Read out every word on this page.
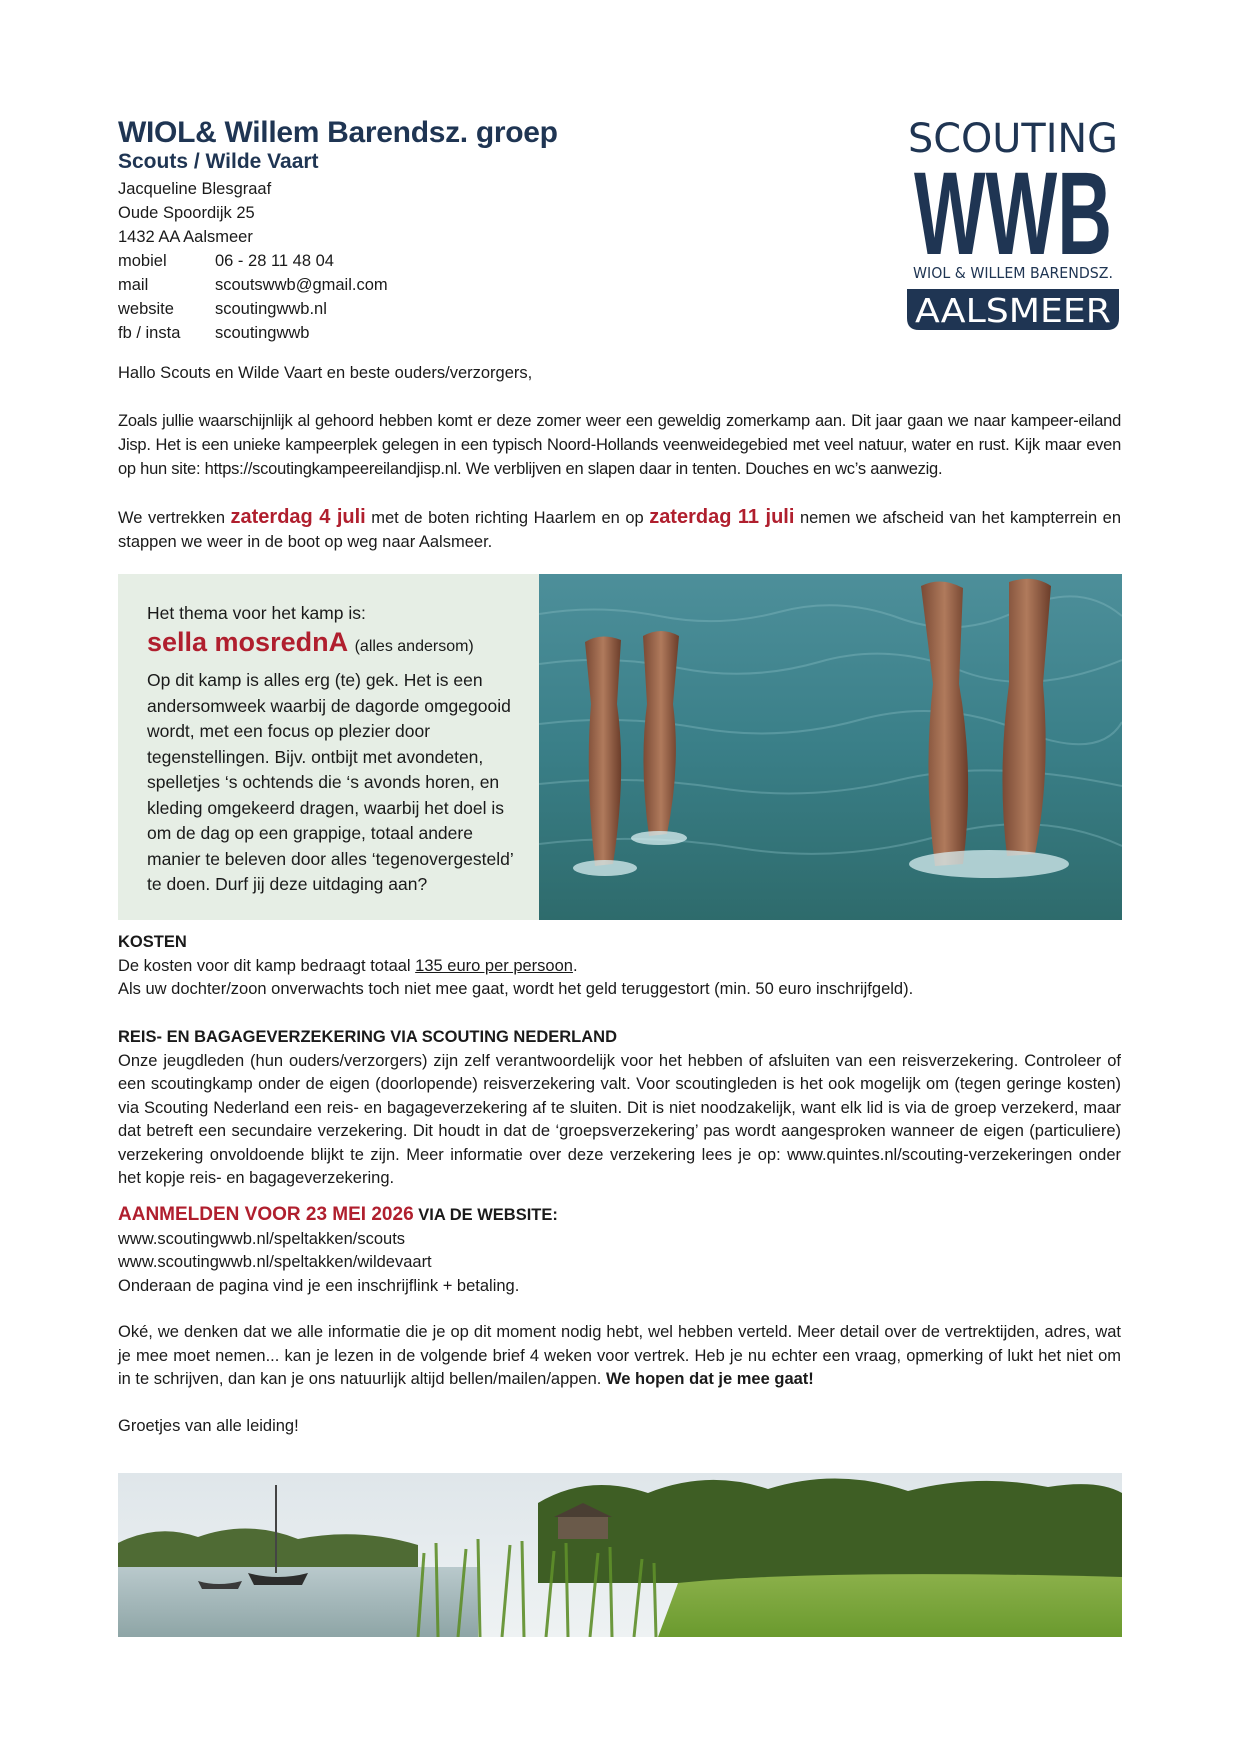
WIOL& Willem Barendsz. groep
Scouts / Wilde Vaart
Jacqueline Blesgraaf
Oude Spoordijk 25
1432 AA Aalsmeer
mobiel	06 - 28 11 48 04
mail	scoutswwb@gmail.com
website	scoutingwwb.nl
fb / insta	scoutingwwb
SCOUTING
WWB
WIOL & WILLEM BARENDSZ.
AALSMEER
Hallo Scouts en Wilde Vaart en beste ouders/verzorgers,
Zoals jullie waarschijnlijk al gehoord hebben komt er deze zomer weer een geweldig zomerkamp aan. Dit jaar gaan we naar kampeer-eiland Jisp. Het is een unieke kampeerplek gelegen in een typisch Noord-Hollands veenweidegebied met veel natuur, water en rust. Kijk maar even op hun site: https://scoutingkampeereilandjisp.nl. We verblijven en slapen daar in tenten. Douches en wc’s aanwezig.
We vertrekken zaterdag 4 juli met de boten richting Haarlem en op zaterdag 11 juli nemen we afscheid van het kampterrein en stappen we weer in de boot op weg naar Aalsmeer.
Het thema voor het kamp is:
sella mosrednA (alles andersom)
Op dit kamp is alles erg (te) gek. Het is een andersomweek waarbij de dagorde omgegooid wordt, met een focus op plezier door tegenstellingen. Bijv. ontbijt met avondeten, spelletjes ‘s ochtends die ‘s avonds horen, en kleding omgekeerd dragen, waarbij het doel is om de dag op een grappige, totaal andere manier te beleven door alles ‘tegenovergesteld’ te doen. Durf jij deze uitdaging aan?
KOSTEN
De kosten voor dit kamp bedraagt totaal 135 euro per persoon.
Als uw dochter/zoon onverwachts toch niet mee gaat, wordt het geld teruggestort (min. 50 euro inschrijfgeld).
REIS- EN BAGAGEVERZEKERING VIA SCOUTING NEDERLAND
Onze jeugdleden (hun ouders/verzorgers) zijn zelf verantwoordelijk voor het hebben of afsluiten van een reisverzekering. Controleer of een scoutingkamp onder de eigen (doorlopende) reisverzekering valt. Voor scoutingleden is het ook mogelijk om (tegen geringe kosten) via Scouting Nederland een reis- en bagageverzekering af te sluiten. Dit is niet noodzakelijk, want elk lid is via de groep verzekerd, maar dat betreft een secundaire verzekering. Dit houdt in dat de ‘groepsverzekering’ pas wordt aangesproken wanneer de eigen (particuliere) verzekering onvoldoende blijkt te zijn. Meer informatie over deze verzekering lees je op: www.quintes.nl/scouting-verzekeringen onder het kopje reis- en bagageverzekering.
AANMELDEN VOOR 23 MEI 2026 VIA DE WEBSITE:
www.scoutingwwb.nl/speltakken/scouts
www.scoutingwwb.nl/speltakken/wildevaart
Onderaan de pagina vind je een inschrijflink + betaling.
Oké, we denken dat we alle informatie die je op dit moment nodig hebt, wel hebben verteld. Meer detail over de vertrektijden, adres, wat je mee moet nemen... kan je lezen in de volgende brief 4 weken voor vertrek. Heb je nu echter een vraag, opmerking of lukt het niet om in te schrijven, dan kan je ons natuurlijk altijd bellen/mailen/appen. We hopen dat je mee gaat!
Groetjes van alle leiding!
